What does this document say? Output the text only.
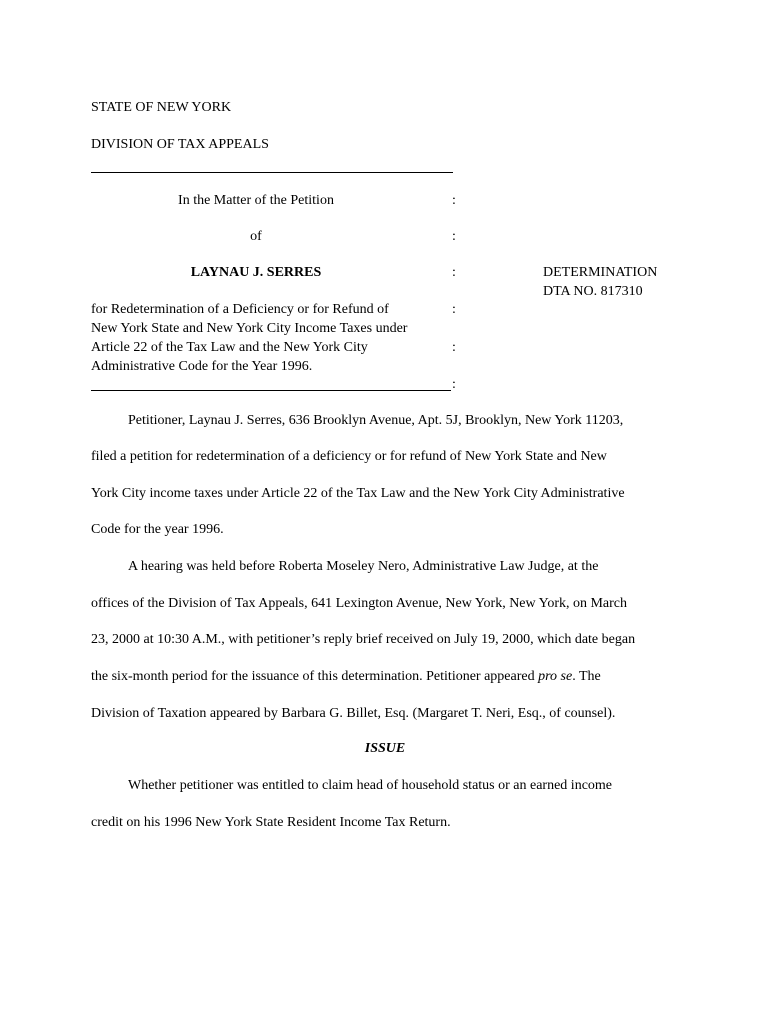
STATE OF NEW YORK
DIVISION OF TAX APPEALS
In the Matter of the Petition	:
of	:
LAYNAU J. SERRES	:	DETERMINATION
DTA NO. 817310
for Redetermination of a Deficiency or for Refund of	:
New York State and New York City Income Taxes under
Article 22 of the Tax Law and the New York City	:
Administrative Code for the Year 1996.
:
Petitioner, Laynau J. Serres, 636 Brooklyn Avenue, Apt. 5J, Brooklyn, New York 11203,
filed a petition for redetermination of a deficiency or for refund of New York State and New
York City income taxes under Article 22 of the Tax Law and the New York City Administrative
Code for the year 1996.
A hearing was held before Roberta Moseley Nero, Administrative Law Judge, at the
offices of the Division of Tax Appeals, 641 Lexington Avenue, New York, New York, on March
23, 2000 at 10:30 A.M., with petitioner’s reply brief received on July 19, 2000, which date began
the six-month period for the issuance of this determination. Petitioner appeared pro se. The
Division of Taxation appeared by Barbara G. Billet, Esq. (Margaret T. Neri, Esq., of counsel).
ISSUE
Whether petitioner was entitled to claim head of household status or an earned income
credit on his 1996 New York State Resident Income Tax Return.
